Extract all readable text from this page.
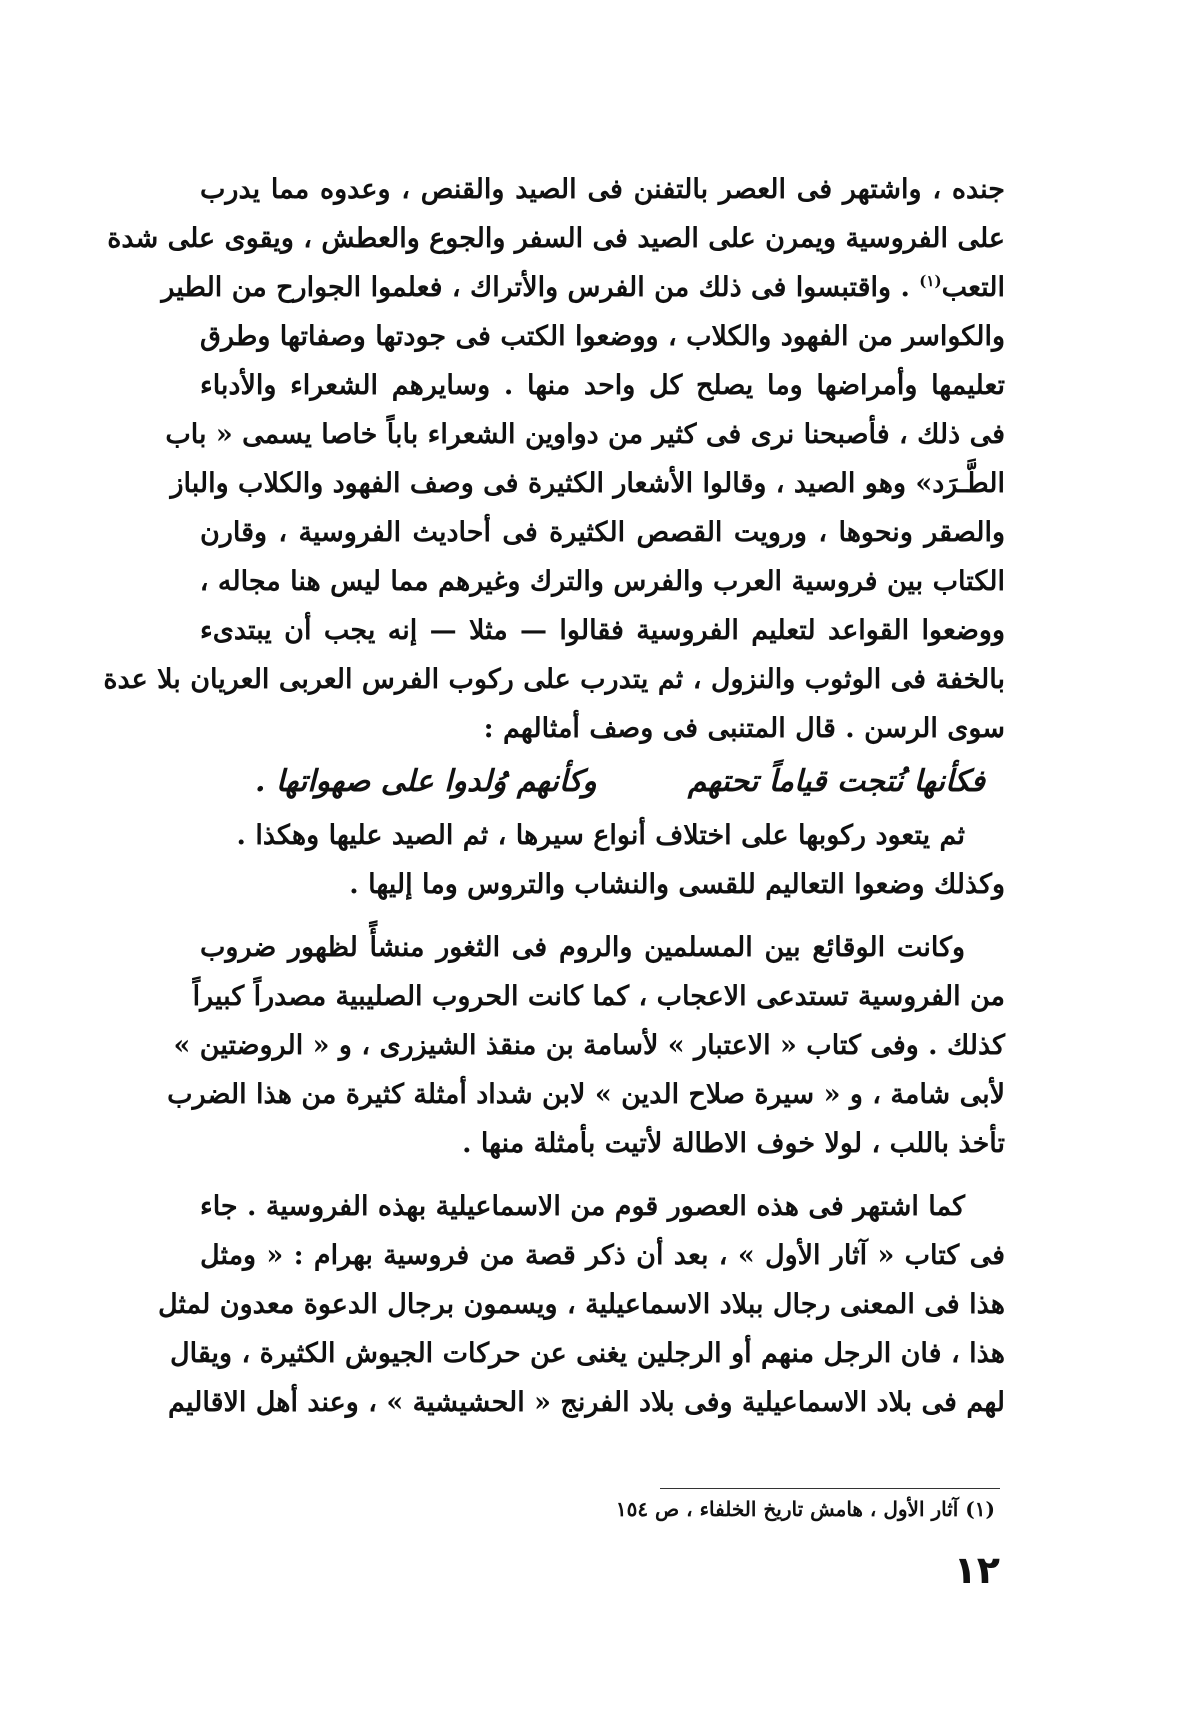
جنده ، واشتهر فى العصر بالتفنن فى الصيد والقنص ، وعدوه مما يدرب
على الفروسية ويمرن على الصيد فى السفر والجوع والعطش ، ويقوى على شدة
التعب$^{(١)}$ . واقتبسوا فى ذلك من الفرس والأتراك ، فعلموا الجوارح من الطير
والكواسر من الفهود والكلاب ، ووضعوا الكتب فى جودتها وصفاتها وطرق
تعليمها وأمراضها وما يصلح كل واحد منها . وسايرهم الشعراء والأدباء
فى ذلك ، فأصبحنا نرى فى كثير من دواوين الشعراء باباً خاصا يسمى « باب
الطَّـرَد» وهو الصيد ، وقالوا الأشعار الكثيرة فى وصف الفهود والكلاب والباز
والصقر ونحوها ، ورويت القصص الكثيرة فى أحاديث الفروسية ، وقارن
الكتاب بين فروسية العرب والفرس والترك وغيرهم مما ليس هنا مجاله ،
ووضعوا القواعد لتعليم الفروسية فقالوا — مثلا — إنه يجب أن يبتدىء
بالخفة فى الوثوب والنزول ، ثم يتدرب على ركوب الفرس العربى العريان بلا عدة
سوى الرسن . قال المتنبى فى وصف أمثالهم :
فكأنها نُتجت قياماً تحتهم
وكأنهم وُلدوا على صهواتها .
ثم يتعود ركوبها على اختلاف أنواع سيرها ، ثم الصيد عليها وهكذا .
وكذلك وضعوا التعاليم للقسى والنشاب والتروس وما إليها .
وكانت الوقائع بين المسلمين والروم فى الثغور منشأً لظهور ضروب
من الفروسية تستدعى الاعجاب ، كما كانت الحروب الصليبية مصدراً كبيراً
كذلك . وفى كتاب « الاعتبار » لأسامة بن منقذ الشيزرى ، و « الروضتين »
لأبى شامة ، و « سيرة صلاح الدين » لابن شداد أمثلة كثيرة من هذا الضرب
تأخذ باللب ، لولا خوف الاطالة لأتيت بأمثلة منها .
كما اشتهر فى هذه العصور قوم من الاسماعيلية بهذه الفروسية . جاء
فى كتاب « آثار الأول » ، بعد أن ذكر قصة من فروسية بهرام : « ومثل
هذا فى المعنى رجال ببلاد الاسماعيلية ، ويسمون برجال الدعوة معدون لمثل
هذا ، فان الرجل منهم أو الرجلين يغنى عن حركات الجيوش الكثيرة ، ويقال
لهم فى بلاد الاسماعيلية وفى بلاد الفرنج « الحشيشية » ، وعند أهل الاقاليم
(١) آثار الأول ، هامش تاريخ الخلفاء ، ص ١٥٤
١٢
